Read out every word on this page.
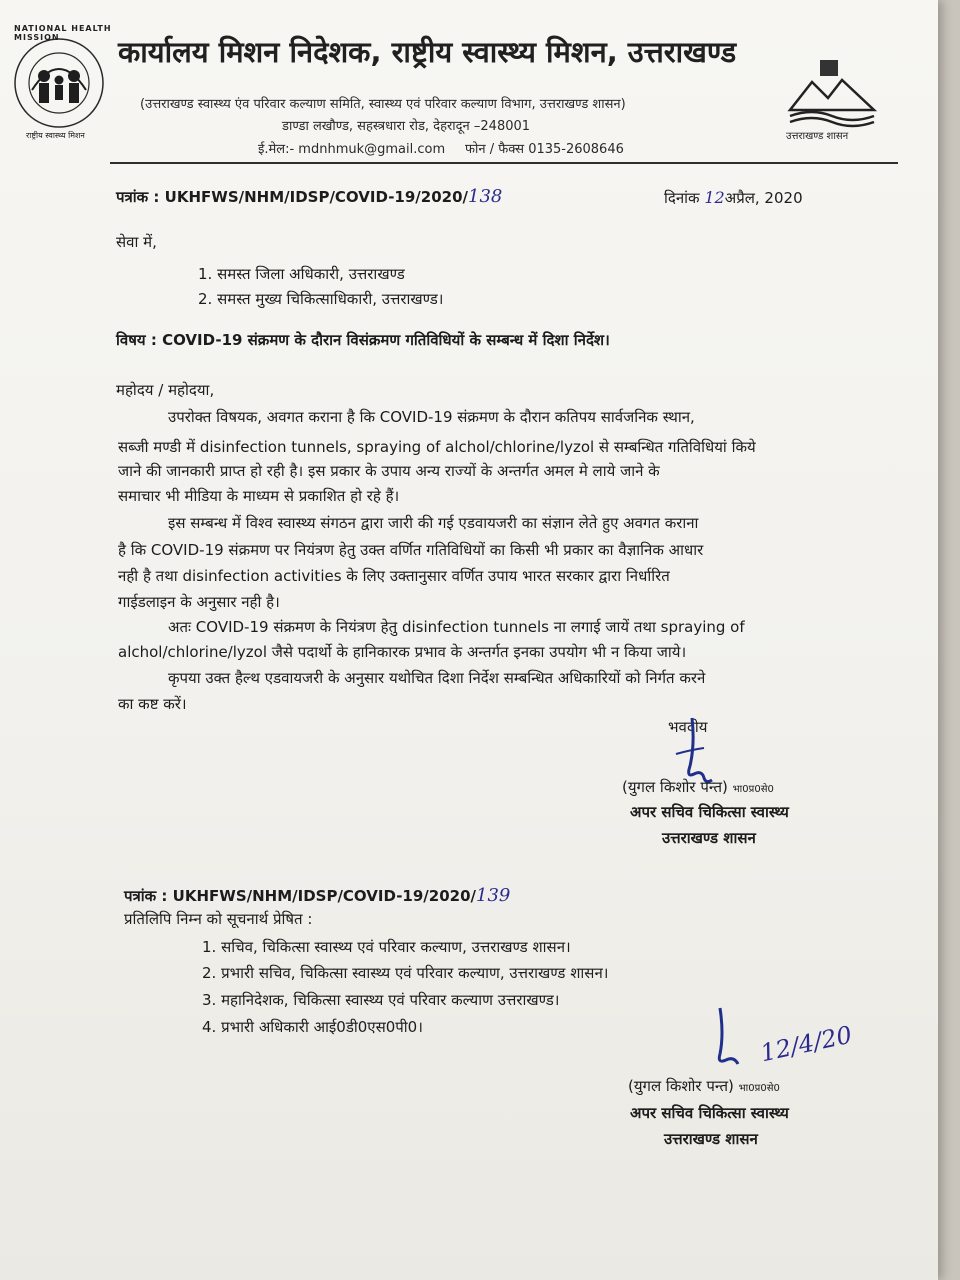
NATIONAL HEALTH MISSION
राष्ट्रीय स्वास्थ्य मिशन
कार्यालय मिशन निदेशक, राष्ट्रीय स्वास्थ्य मिशन, उत्तराखण्ड
(उत्तराखण्ड स्वास्थ्य एंव परिवार कल्याण समिति, स्वास्थ्य एवं परिवार कल्याण विभाग, उत्तराखण्ड शासन)
डाण्डा लखौण्ड, सहस्त्रधारा रोड, देहरादून –248001
ई.मेल:- mdnhmuk@gmail.com फोन / फैक्स 0135-2608646
उत्तराखण्ड शासन
पत्रांक : UKHFWS/NHM/IDSP/COVID-19/2020/138	दिनांक 12अप्रैल, 2020
सेवा में,
1. समस्त जिला अधिकारी, उत्तराखण्ड
2. समस्त मुख्य चिकित्साधिकारी, उत्तराखण्ड।
विषय : COVID-19 संक्रमण के दौरान विसंक्रमण गतिविधियों के सम्बन्ध में दिशा निर्देश।
महोदय / महोदया,
उपरोक्त विषयक, अवगत कराना है कि COVID-19 संक्रमण के दौरान कतिपय सार्वजनिक स्थान,
सब्जी मण्डी में disinfection tunnels, spraying of alchol/chlorine/lyzol से सम्बन्धित गतिविधियां किये
जाने की जानकारी प्राप्त हो रही है। इस प्रकार के उपाय अन्य राज्यों के अन्तर्गत अमल मे लाये जाने के
समाचार भी मीडिया के माध्यम से प्रकाशित हो रहे हैं।
इस सम्बन्ध में विश्व स्वास्थ्य संगठन द्वारा जारी की गई एडवायजरी का संज्ञान लेते हुए अवगत कराना
है कि COVID-19 संक्रमण पर नियंत्रण हेतु उक्त वर्णित गतिविधियों का किसी भी प्रकार का वैज्ञानिक आधार
नही है तथा disinfection activities के लिए उक्तानुसार वर्णित उपाय भारत सरकार द्वारा निर्धारित
गाईडलाइन के अनुसार नही है।
अतः COVID-19 संक्रमण के नियंत्रण हेतु disinfection tunnels ना लगाई जायें तथा spraying of
alchol/chlorine/lyzol जैसे पदार्थो के हानिकारक प्रभाव के अन्तर्गत इनका उपयोग भी न किया जाये।
कृपया उक्त हैल्थ एडवायजरी के अनुसार यथोचित दिशा निर्देश सम्बन्धित अधिकारियों को निर्गत करने
का कष्ट करें।
भवदीय
(युगल किशोर पन्त) भा0प्र0से0
अपर सचिव चिकित्सा स्वास्थ्य
उत्तराखण्ड शासन
पत्रांक : UKHFWS/NHM/IDSP/COVID-19/2020/139
प्रतिलिपि निम्न को सूचनार्थ प्रेषित :
1. सचिव, चिकित्सा स्वास्थ्य एवं परिवार कल्याण, उत्तराखण्ड शासन।
2. प्रभारी सचिव, चिकित्सा स्वास्थ्य एवं परिवार कल्याण, उत्तराखण्ड शासन।
3. महानिदेशक, चिकित्सा स्वास्थ्य एवं परिवार कल्याण उत्तराखण्ड।
4. प्रभारी अधिकारी आई0डी0एस0पी0।	12/4/20
(युगल किशोर पन्त) भा0प्र0से0
अपर सचिव चिकित्सा स्वास्थ्य
उत्तराखण्ड शासन
